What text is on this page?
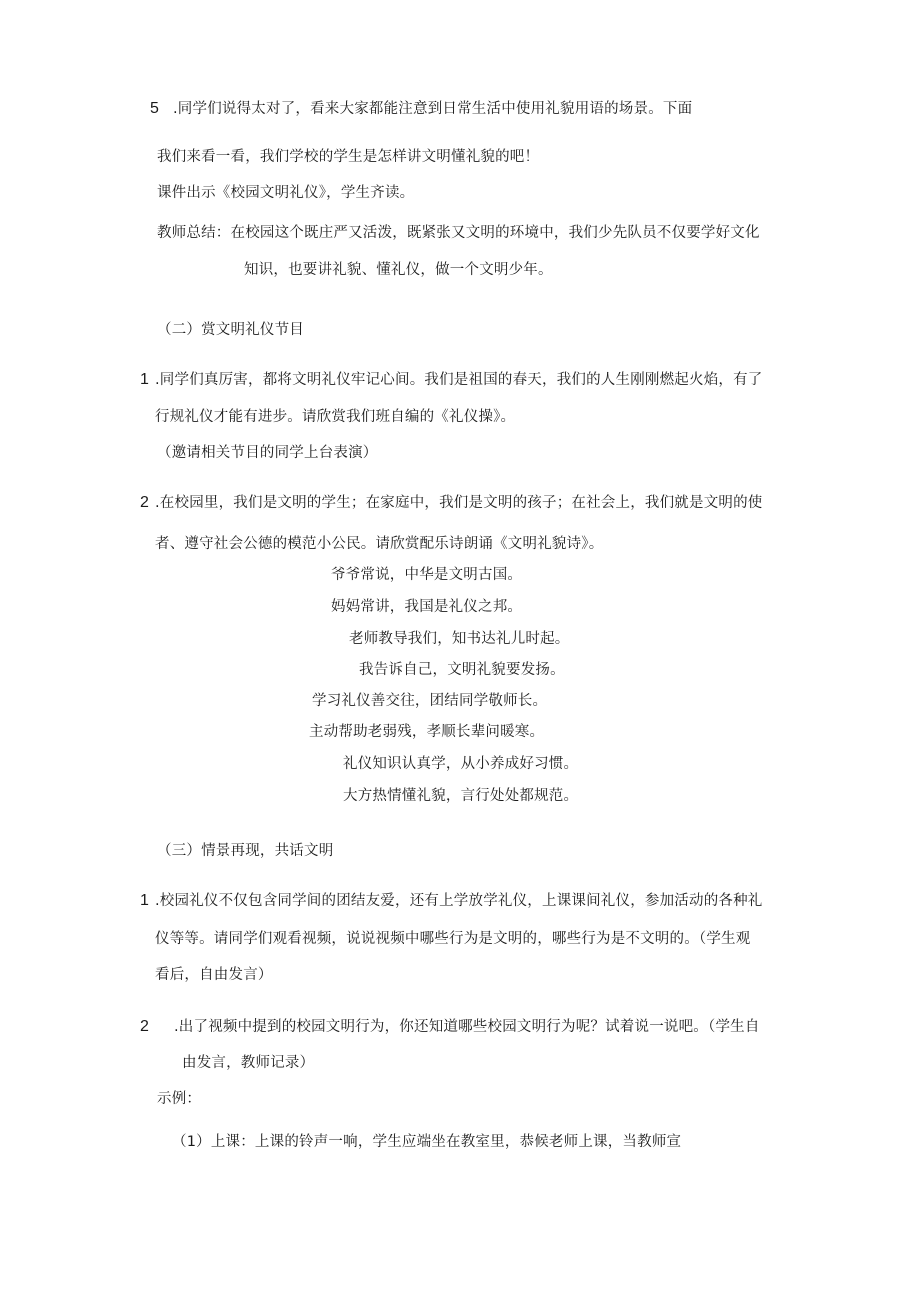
5 .同学们说得太对了，看来大家都能注意到日常生活中使用礼貌用语的场景。下面
我们来看一看，我们学校的学生是怎样讲文明懂礼貌的吧！
课件出示《校园文明礼仪》，学生齐读。
教师总结：在校园这个既庄严又活泼，既紧张又文明的环境中，我们少先队员不仅要学好文化
知识，也要讲礼貌、懂礼仪，做一个文明少年。
（二）赏文明礼仪节目
1 .同学们真厉害，都将文明礼仪牢记心间。我们是祖国的春天，我们的人生刚刚燃起火焰，有了
行规礼仪才能有进步。请欣赏我们班自编的《礼仪操》。
（邀请相关节目的同学上台表演）
2 .在校园里，我们是文明的学生；在家庭中，我们是文明的孩子；在社会上，我们就是文明的使
者、遵守社会公德的模范小公民。请欣赏配乐诗朗诵《文明礼貌诗》。
爷爷常说，中华是文明古国。
妈妈常讲，我国是礼仪之邦。
老师教导我们，知书达礼儿时起。
我告诉自己，文明礼貌要发扬。
学习礼仪善交往，团结同学敬师长。
主动帮助老弱残，孝顺长辈问暖寒。
礼仪知识认真学，从小养成好习惯。
大方热情懂礼貌，言行处处都规范。
（三）情景再现，共话文明
1 .校园礼仪不仅包含同学间的团结友爱，还有上学放学礼仪，上课课间礼仪，参加活动的各种礼
仪等等。请同学们观看视频，说说视频中哪些行为是文明的，哪些行为是不文明的。（学生观
看后，自由发言）
2 .出了视频中提到的校园文明行为，你还知道哪些校园文明行为呢？试着说一说吧。（学生自
由发言，教师记录）
示例：
（1）上课：上课的铃声一响，学生应端坐在教室里，恭候老师上课，当教师宣
